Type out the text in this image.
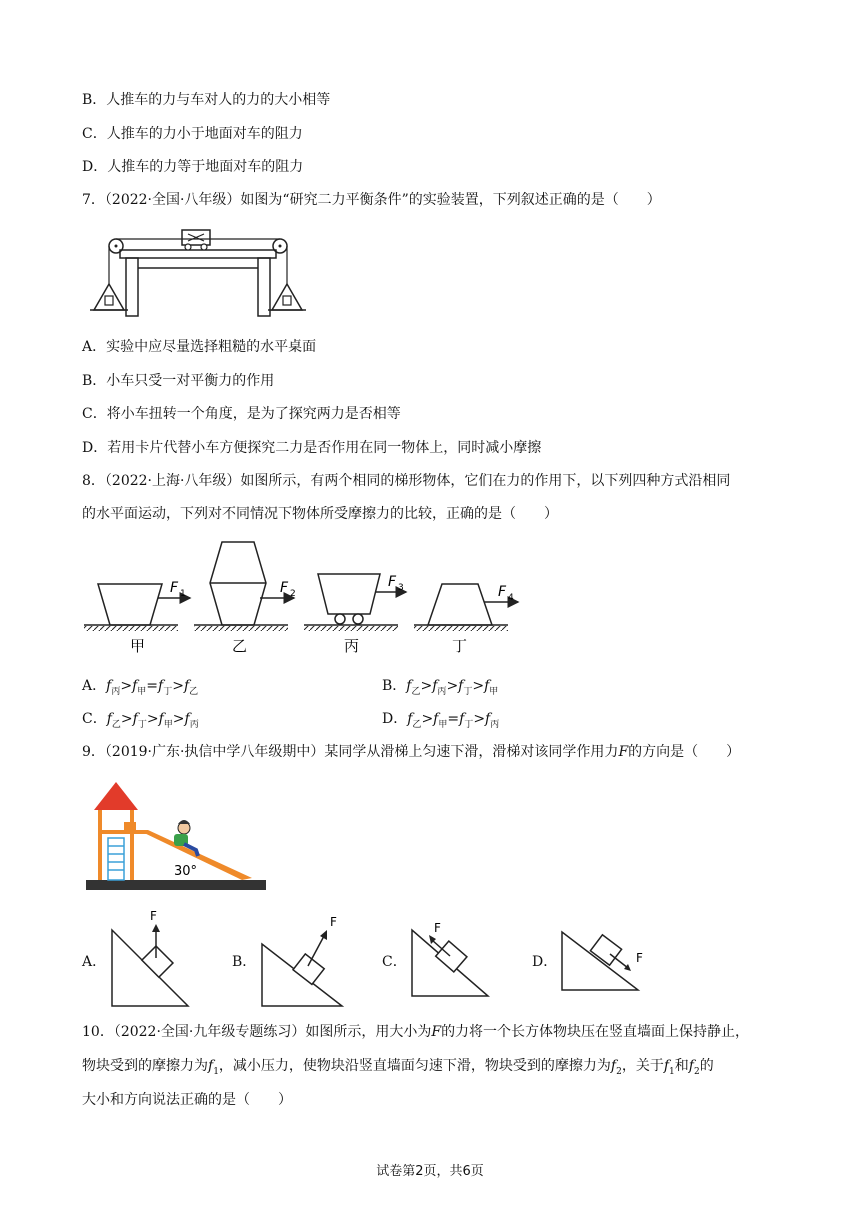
B．人推车的力与车对人的力的大小相等
C．人推车的力小于地面对车的阻力
D．人推车的力等于地面对车的阻力
7．（2022·全国·八年级）如图为“研究二力平衡条件”的实验装置，下列叙述正确的是（　　）
A．实验中应尽量选择粗糙的水平桌面
B．小车只受一对平衡力的作用
C．将小车扭转一个角度，是为了探究两力是否相等
D．若用卡片代替小车方便探究二力是否作用在同一物体上，同时减小摩擦
8．（2022·上海·八年级）如图所示，有两个相同的梯形物体，它们在力的作用下，以下列四种方式沿相同
的水平面运动，下列对不同情况下物体所受摩擦力的比较，正确的是（　　）
F 1
甲
F 2
乙
F 3
丙
F 4
丁
A．$f_丙>f_甲=f_丁>f_乙$	B．$f_乙>f_丙>f_丁>f_甲$
C．$f_乙>f_丁>f_甲>f_丙$	D．$f_乙>f_甲=f_丁>f_丙$
9．（2019·广东·执信中学八年级期中）某同学从滑梯上匀速下滑，滑梯对该同学作用力F的方向是（　　）
30°
A．
F
B．
F
C．
F
D．	F
10．（2022·全国·九年级专题练习）如图所示，用大小为F的力将一个长方体物块压在竖直墙面上保持静止，
物块受到的摩擦力为$f_1$，减小压力，使物块沿竖直墙面匀速下滑，物块受到的摩擦力为$f_2$，关于$f_1$和$f_2$的
大小和方向说法正确的是（　　）
试卷第2页，共6页
